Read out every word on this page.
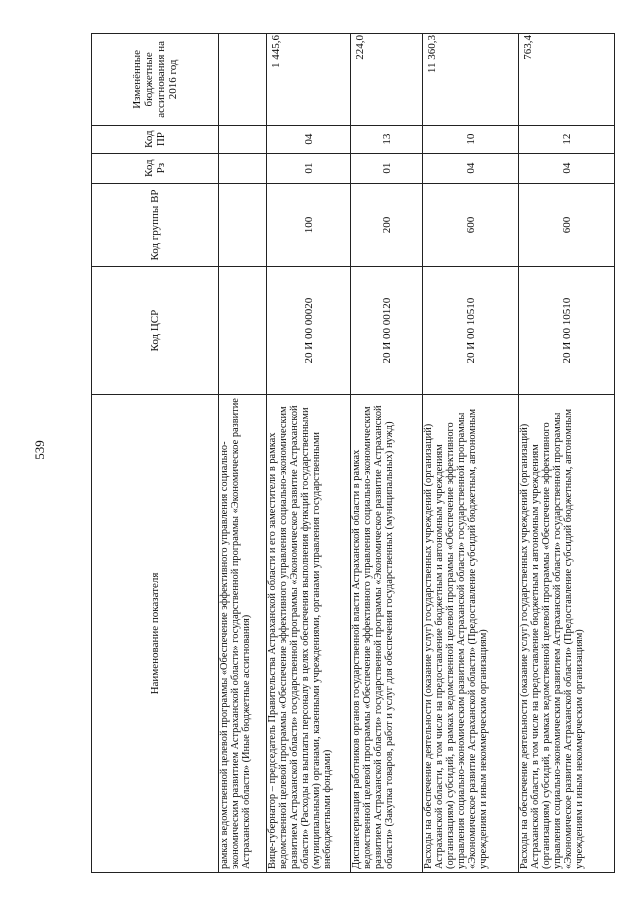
539
Наименование показателя	Код ЦСР	Код группы ВР	Код Рз	Код ПР	Изменённые бюджетные ассигнования на 2016 год
рамках ведомственной целевой программы «Обеспечение эффективного управления социально-экономическим развитием Астраханской области» государственной программы «Экономическое развитие Астраханской области» (Иные бюджетные ассигнования)					
Вице-губернатор – председатель Правительства Астраханской области и его заместители в рамках ведомственной целевой программы «Обеспечение эффективного управления социально-экономическим развитием Астраханской области» государственной программы «Экономическое развитие Астраханской области» (Расходы на выплаты персоналу в целях обеспечения выполнения функций государственными (муниципальными) органами, казенными учреждениями, органами управления государственными внебюджетными фондами)	20 И 00 00020	100	01	04	1 445,6
Диспансеризация работников органов государственной власти Астраханской области в рамках ведомственной целевой программы «Обеспечение эффективного управления социально-экономическим развитием Астраханской области» государственной программы «Экономическое развитие Астраханской области» (Закупка товаров, работ и услуг для обеспечения государственных (муниципальных) нужд)	20 И 00 00120	200	01	13	224,0
Расходы на обеспечение деятельности (оказание услуг) государственных учреждений (организаций) Астраханской области, в том числе на предоставление бюджетным и автономным учреждениям (организациям) субсидий, в рамках ведомственной целевой программы «Обеспечение эффективного управления социально-экономическим развитием Астраханской области» государственной программы «Экономическое развитие Астраханской области» (Предоставление субсидий бюджетным, автономным учреждениям и иным некоммерческим организациям)	20 И 00 10510	600	04	10	11 360,3
Расходы на обеспечение деятельности (оказание услуг) государственных учреждений (организаций) Астраханской области, в том числе на предоставление бюджетным и автономным учреждениям (организациям) субсидий, в рамках ведомственной целевой программы «Обеспечение эффективного управления социально-экономическим развитием Астраханской области» государственной программы «Экономическое развитие Астраханской области» (Предоставление субсидий бюджетным, автономным учреждениям и иным некоммерческим организациям)	20 И 00 10510	600	04	12	763,4
